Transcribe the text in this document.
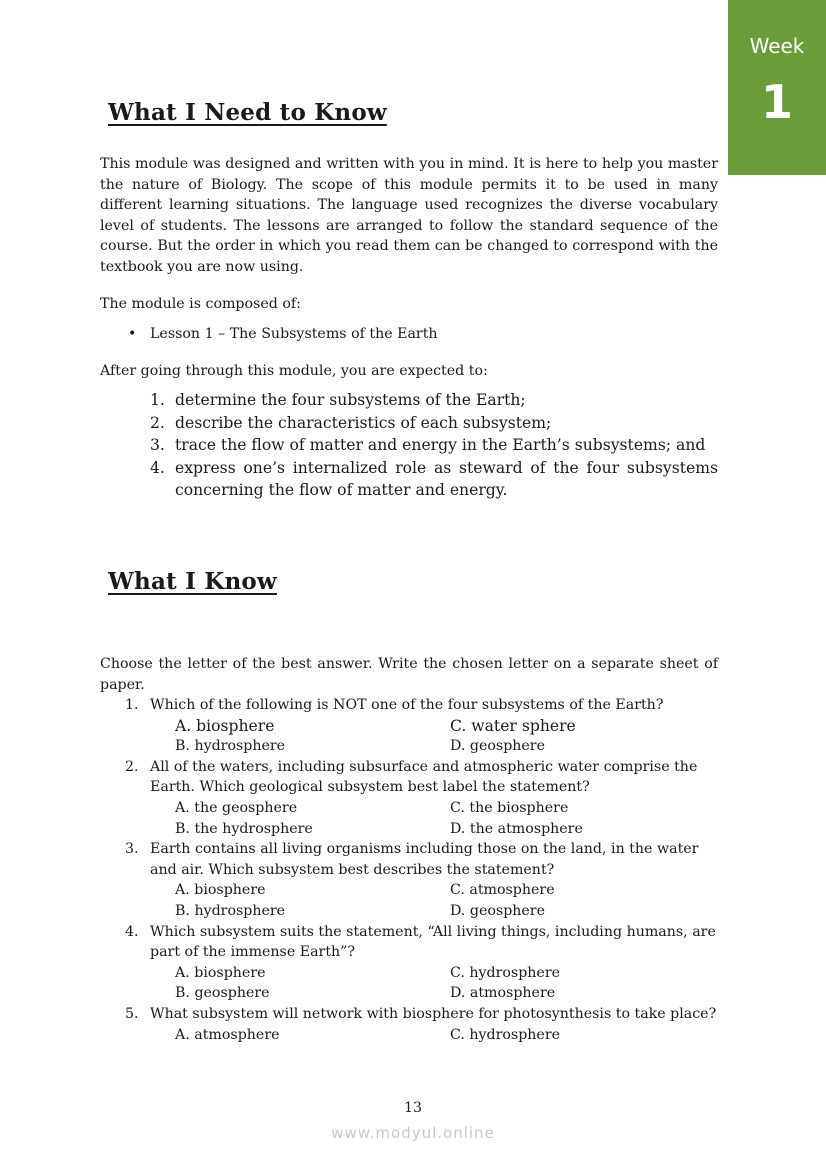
Week
1
What I Need to Know

This module was designed and written with you in mind. It is here to help you master the nature of Biology. The scope of this module permits it to be used in many different learning situations. The language used recognizes the diverse vocabulary level of students. The lessons are arranged to follow the standard sequence of the course. But the order in which you read them can be changed to correspond with the textbook you are now using.

The module is composed of:

• Lesson 1 – The Subsystems of the Earth

After going through this module, you are expected to:

1. determine the four subsystems of the Earth;
2. describe the characteristics of each subsystem;
3. trace the flow of matter and energy in the Earth’s subsystems; and
4. express one’s internalized role as steward of the four subsystems concerning the flow of matter and energy.
What I Know

Choose the letter of the best answer. Write the chosen letter on a separate sheet of paper.

1. Which of the following is NOT one of the four subsystems of the Earth?
A. biosphere	C. water sphere
B. hydrosphere	D. geosphere
2. All of the waters, including subsurface and atmospheric water comprise the Earth. Which geological subsystem best label the statement?
A. the geosphere	C. the biosphere
B. the hydrosphere	D. the atmosphere
3. Earth contains all living organisms including those on the land, in the water and air. Which subsystem best describes the statement?
A. biosphere	C. atmosphere
B. hydrosphere	D. geosphere
4. Which subsystem suits the statement, “All living things, including humans, are part of the immense Earth”?
A. biosphere	C. hydrosphere
B. geosphere	D. atmosphere
5. What subsystem will network with biosphere for photosynthesis to take place?
A. atmosphere	C. hydrosphere
13
www.modyul.online
